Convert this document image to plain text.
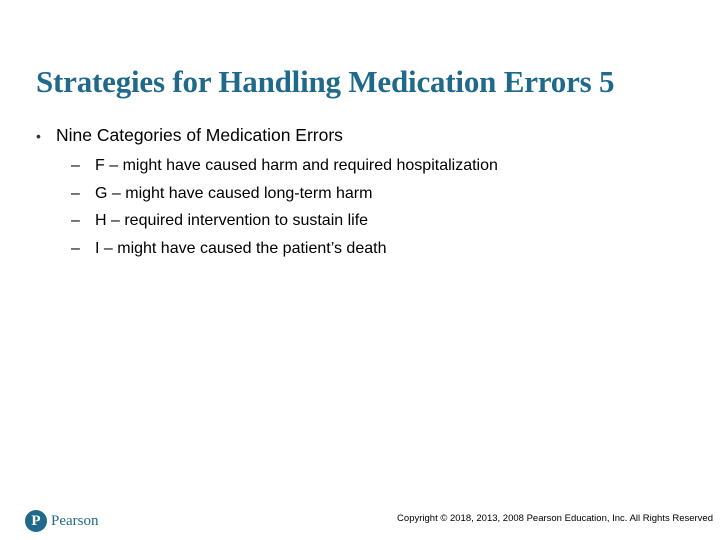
Strategies for Handling Medication Errors 5
• Nine Categories of Medication Errors
– F – might have caused harm and required hospitalization
– G – might have caused long-term harm
– H – required intervention to sustain life
– I – might have caused the patient’s death
P Pearson	Copyright © 2018, 2013, 2008 Pearson Education, Inc. All Rights Reserved
